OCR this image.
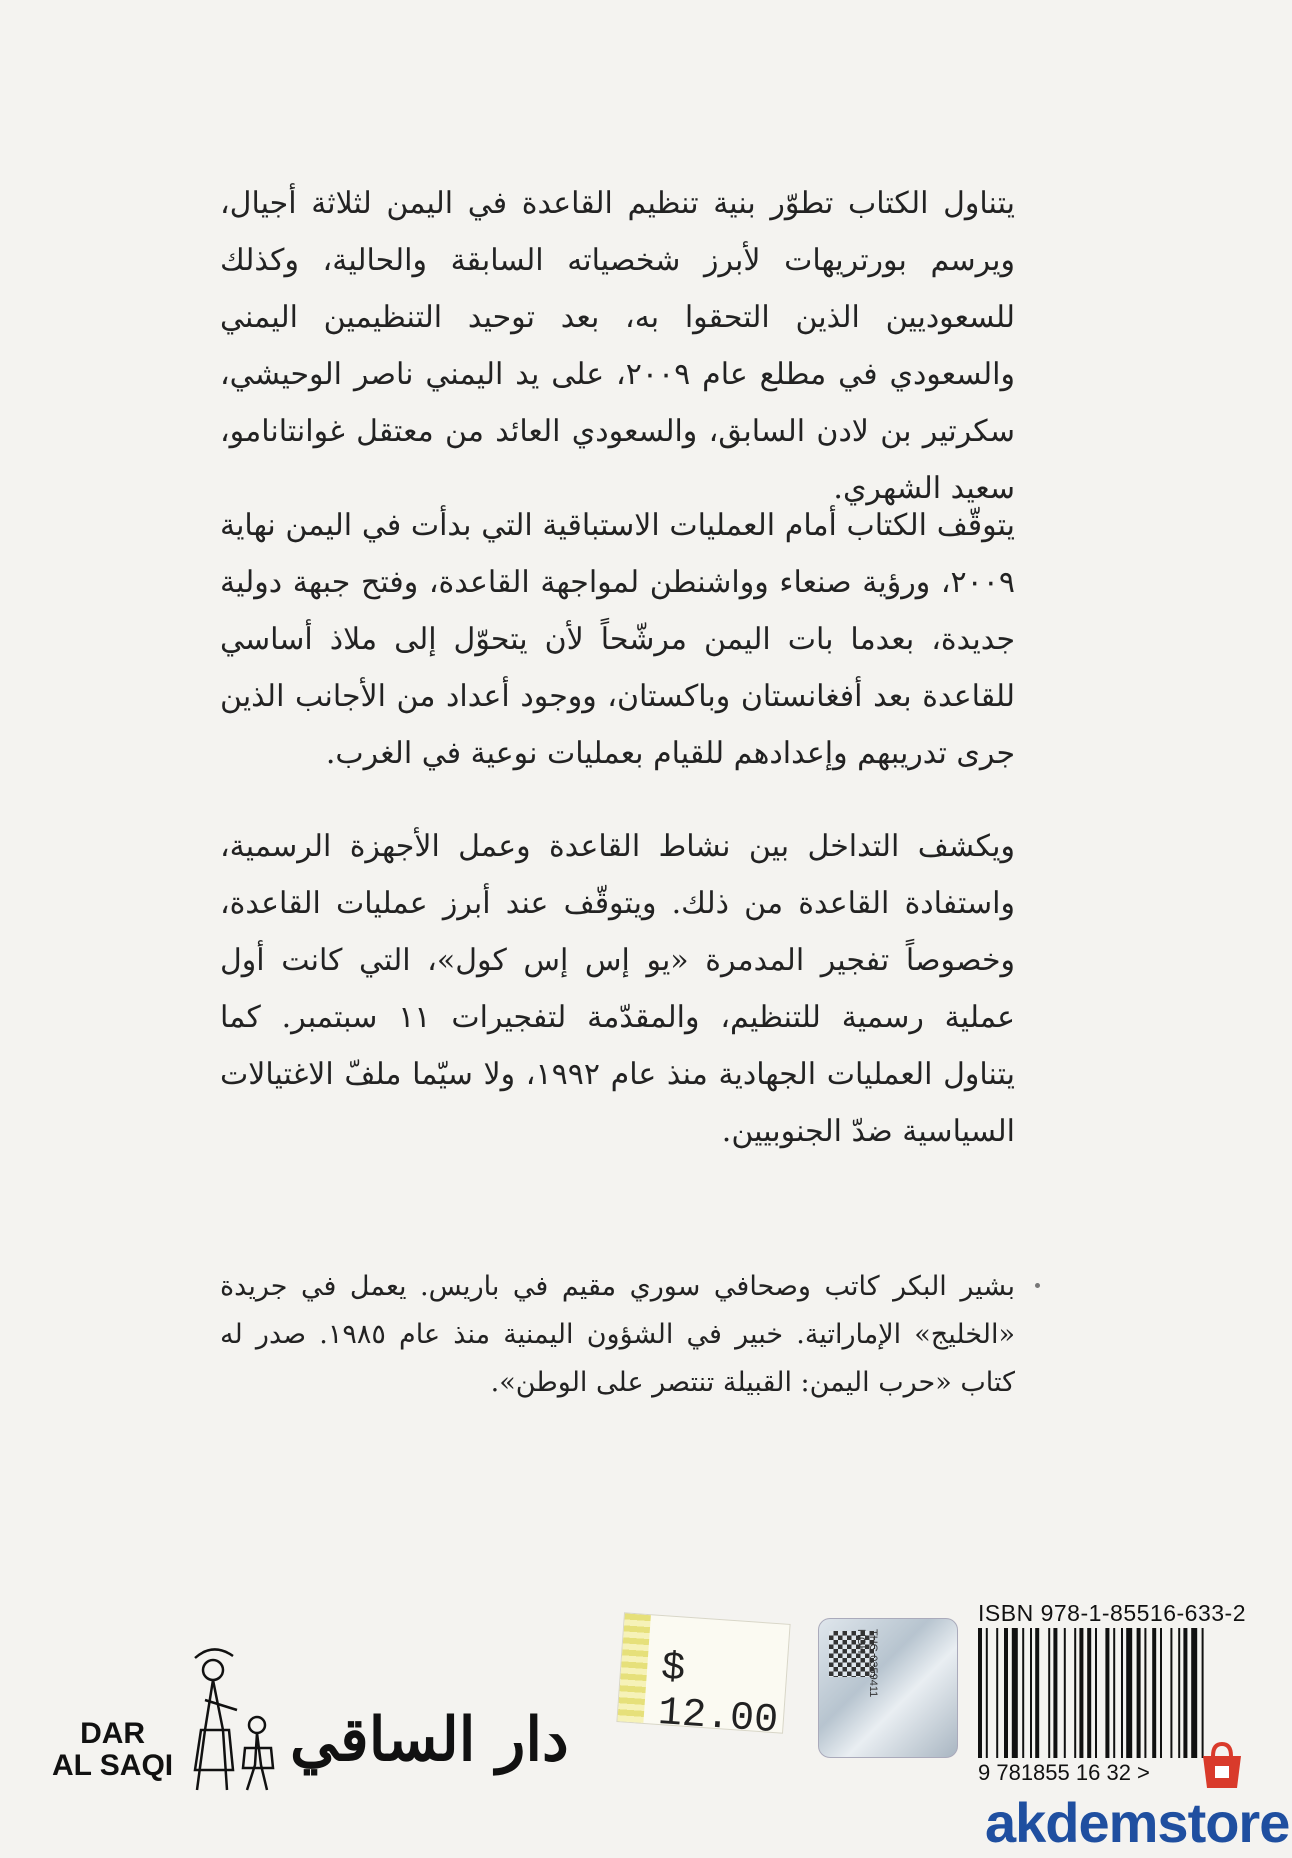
يتناول الكتاب تطوّر بنية تنظيم القاعدة في اليمن لثلاثة أجيال، ويرسم بورتريهات لأبرز شخصياته السابقة والحالية، وكذلك للسعوديين الذين التحقوا به، بعد توحيد التنظيمين اليمني والسعودي في مطلع عام ٢٠٠٩، على يد اليمني ناصر الوحيشي، سكرتير بن لادن السابق، والسعودي العائد من معتقل غوانتانامو، سعيد الشهري.

يتوقّف الكتاب أمام العمليات الاستباقية التي بدأت في اليمن نهاية ٢٠٠٩، ورؤية صنعاء وواشنطن لمواجهة القاعدة، وفتح جبهة دولية جديدة، بعدما بات اليمن مرشّحاً لأن يتحوّل إلى ملاذ أساسي للقاعدة بعد أفغانستان وباكستان، ووجود أعداد من الأجانب الذين جرى تدريبهم وإعدادهم للقيام بعمليات نوعية في الغرب.

ويكشف التداخل بين نشاط القاعدة وعمل الأجهزة الرسمية، واستفادة القاعدة من ذلك. ويتوقّف عند أبرز عمليات القاعدة، وخصوصاً تفجير المدمرة «يو إس إس كول»، التي كانت أول عملية رسمية للتنظيم، والمقدّمة لتفجيرات ١١ سبتمبر. كما يتناول العمليات الجهادية منذ عام ١٩٩٢، ولا سيّما ملفّ الاغتيالات السياسية ضدّ الجنوبيين.

بشير البكر كاتب وصحافي سوري مقيم في باريس. يعمل في جريدة «الخليج» الإماراتية. خبير في الشؤون اليمنية منذ عام ١٩٨٥. صدر له كتاب «حرب اليمن: القبيلة تنتصر على الوطن».

$ 12.00
THG 0359411 HGH
ISBN 978-1-85516-633-2
9 781855 16 32 >
DAR
AL SAQI دار الساقي
akdemstore
